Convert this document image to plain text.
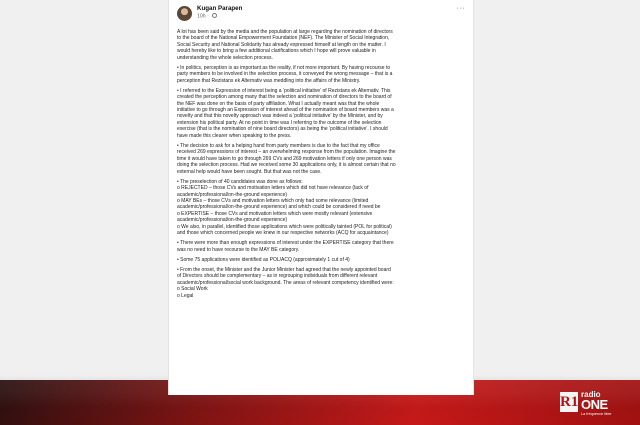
Kugan Parapen
10h ·
···
A lot has been said by the media and the population at large regarding the nomination of directors
to the board of the National Empowerment Foundation (NEF). The Minister of Social Integration,
Social Security and National Solidarity has already expressed himself at length on the matter. I
would hereby like to bring a few additional clarifications which I hope will prove valuable in
understanding the whole selection process.
• In politics, perception is as important as the reality, if not more important. By having recourse to
party members to be involved in the selection process, it conveyed the wrong message – that is a
perception that Rezistans ek Alternativ was meddling into the affairs of the Ministry.
• I referred to the Expression of interest being a ‘political initiative’ of Rezistans ek Alternativ. This
created the perception among many that the selection and nomination of directors to the board of
the NEF was done on the basis of party affiliation. What I actually meant was that the whole
initiative to go through an Expression of interest ahead of the nomination of board members was a
novelty and that this novelty approach was indeed a ‘political initiative’ by the Minister, and by
extension his political party. At no point in time was I referring to the outcome of the selection
exercise (that is the nomination of nine board directors) as being the ‘political initiative’. I should
have made this clearer when speaking to the press.
• The decision to ask for a helping hand from party members is due to the fact that my office
received 269 expressions of interest – an overwhelming response from the population. Imagine the
time it would have taken to go through 269 CVs and 269 motivation letters if only one person was
doing the selection process. Had we received some 30 applications only, it is almost certain that no
external help would have been sought. But that was not the case.
• The preselection of 40 candidates was done as follows:
o REJECTED – those CVs and motivation letters which did not have relevance (lack of
academic/professional/on-the-ground experience)
o MAY BEs – those CVs and motivation letters which only had some relevance (limited
academic/professional/on-the-ground experience) and which could be considered if need be
o EXPERTISE – those CVs and motivation letters which were mostly relevant (extensive
academic/professional/on-the-ground experience)
o We also, in parallel, identified those applications which were politically tainted (POL for political)
and those which concerned people we knew in our respective networks (ACQ for acquaintance)
• There were more than enough expressions of interest under the EXPERTISE category that there
was no need to have recourse to the MAY BE category.
• Some 75 applications were identified as POL/ACQ (approximately 1 cut of 4)
• From the onset, the Minister and the Junior Minister had agreed that the newly appointed board
of Directors should be complementary – as in regrouping individuals from different relevant
academic/professional/social work background. The areas of relevant competency identified were:
o Social Work
o Legal
R1 radio
ONE
La fréquence libre
